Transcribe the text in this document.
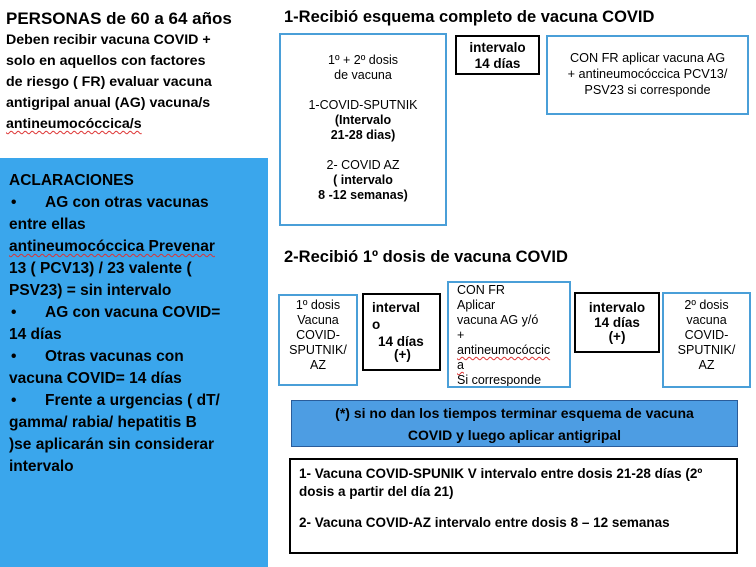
PERSONAS de 60 a 64 años
Deben recibir vacuna COVID +
solo en aquellos con factores
de riesgo ( FR) evaluar vacuna
antigripal anual (AG) vacuna/s
antineumocóccica/s
ACLARACIONES
• AG con otras vacunas
entre ellas
antineumocóccica Prevenar
13 ( PCV13) / 23 valente (
PSV23) = sin intervalo
• AG con vacuna COVID=
14 días
• Otras vacunas con
vacuna COVID= 14 días
• Frente a urgencias ( dT/
gamma/ rabia/ hepatitis B
)se aplicarán sin considerar
intervalo
1-Recibió esquema completo de vacuna COVID
1º + 2º dosis
de vacuna
1-COVID-SPUTNIK
(Intervalo
21-28 dias)
2- COVID AZ
( intervalo
8 -12 semanas)
intervalo
14 días	CON FR aplicar vacuna AG
+ antineumocóccica PCV13/
PSV23 si corresponde
2-Recibió 1º dosis de vacuna COVID
1º dosis
Vacuna
COVID-
SPUTNIK/
AZ
interval
o
14 días
(+)
CON FR
Aplicar
vacuna AG y/ó
+
antineumocóccic
a
Si corresponde
intervalo
14 días
(+)
2º dosis
vacuna
COVID-
SPUTNIK/
AZ
(*) si no dan los tiempos terminar esquema de vacuna
COVID y luego aplicar antigripal

1- Vacuna COVID-SPUNIK V intervalo entre dosis 21-28 días (2º dosis a partir del día 21)

2- Vacuna COVID-AZ intervalo entre dosis 8 – 12 semanas
